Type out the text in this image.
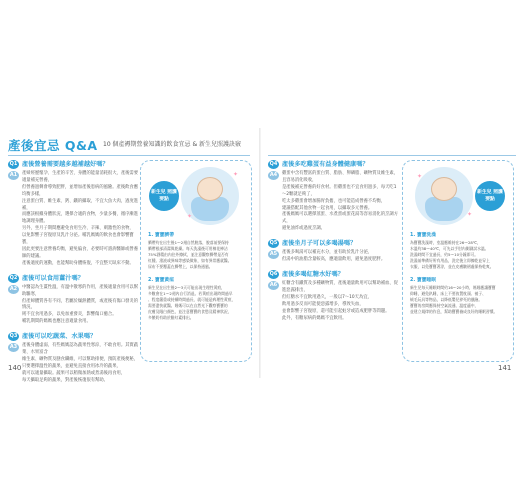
產後宜忌 Q&A 10 個產褥期營養知識的飲食宜忌 & 新生兒照護訣竅
Q1 產後營養需要越多越補越好嗎？
A1	產婦經歷懷孕、生產的辛苦，身體的能量消耗很大，產後需要適量補充營養，
但營養過剩會導致肥胖，並增加產後患病的風險。產後飲食應均衡多樣，
注意蛋白質、維生素、鈣、鐵的攝取，不宜大魚大肉，過度進補，
而應該根據身體狀況，選擇合適的食物，少量多餐，循序漸進地調理身體。
另外，坐月子期間應避免食用生冷、辛辣、刺激性的食物，
以免影響子宮復原及乳汁分泌。哺乳媽媽的飲食也會影響寶寶，
因此更要注意營養均衡，避免偏食，必要時可諮詢醫師或營養師的建議。
產後適度的運動，也能幫助身體恢復，不宜整天臥床不動。
Q2 產後可以食用薑汁嗎？
A2	中醫認為生薑性溫，有溫中散寒的作用，產後適量食用可以幫助驅寒，
但產婦體質各有不同，若屬於燥熱體質，或產後有傷口發炎的情況，
則不宜食用過多，以免加重發炎，影響傷口癒合。
哺乳期間的媽媽也應注意適量食用。
Q3 產後可以吃蔬菜、水果嗎？
A3	產後身體虛弱，有些媽媽認為蔬果性寒涼，不敢食用。其實蔬菜、水果富含
維生素、礦物質及膳食纖維，可以幫助排便，預防產後便秘，
只要選擇溫性的蔬果，並避免直接食用冰冷的蔬果，
就可以適量攝取。蔬果可以稍微加熱或煮湯後再食用，
每天攝取足夠的蔬果，對產後恢復很有幫助。
✦
✦
新生兒 照護要點
1. 寶寶臍帶
臍帶約在出生後1～2週自然脫落，脫落前要保持
臍帶根部清潔與乾燥。每天洗澡後可用棉花棒沾
75%酒精由內往外擦拭，並注意觀察臍帶是否有
紅腫、滲液或異味等感染徵象，如有異常應就醫。
尿布不要覆蓋在臍帶上，以保持通風。
2. 寶寶黃疸
新生兒在出生後2～3天可能出現生理性黃疸，
多數會在1～2週內自行消退。若黃疸出現時間過早
、程度嚴重或持續時間過長，就可能是病理性黃疸，
需要盡快就醫。媽媽可以在自然光下觀察寶寶的
皮膚及眼白顏色，並注意寶寶的食慾及精神狀況，
多餵奶有助於膽紅素排出。
Q4 產後多吃雞蛋有益身體健康嗎？
A4	雞蛋中含有豐富的蛋白質、脂肪、卵磷脂、礦物質及維生素，且容易消化吸收，
是產後補充營養的好食材。但雞蛋也不宜食用過多，每天吃1～2顆就足夠了，
吃太多雞蛋會增加腸胃負擔，也可能造成營養不均衡，
建議搭配其他食物一起食用，以攝取多元營養。
產後媽媽可以選擇蒸蛋、水煮蛋或蛋花湯等容易消化的烹調方式，
避免油炸或過度烹調。
Q5 產後坐月子可以多喝湯嗎？
A5	產後多喝湯可以補充水分，並有助於乳汁分泌，
但湯中的油脂含量較高，應適量飲用，避免過度肥胖。
Q6 產後多喝紅糖水好嗎？
A6	紅糖含有鐵質及多種礦物質，產後適量飲用可以幫助補血、促進惡露排出，
但紅糖水不宜飲用過久，一般以7～10天為宜，
飲用過多反而可能使惡露增多，導致失血，
並會影響子宮復原，還可能引起蛀牙或造成肥胖等問題。
此外，有糖尿病的媽媽不宜飲用。
✦
✦
新生兒 照護要點
1. 寶寶洗澡
為寶寶洗澡時，室溫應維持在26～28℃，
水溫約38～40℃，可先以手肘內側測試水溫。
洗澡時間不宜過長，約5～10分鐘即可。
洗澡前準備好所有用品，洗完後立即擦乾並穿上
衣服，以免寶寶著涼，並在皮膚皺褶處保持乾爽。
2. 寶寶睡眠
新生兒每天睡眠時間約16～20小時，媽媽應讓寶寶
仰睡，避免趴睡，床上不要放置枕頭、被子、
絨毛玩具等物品，以降低嬰兒猝死的風險。
寶寶的房間應保持空氣流通、溫度適中，
並建立規律的作息，幫助寶寶養成良好的睡眠習慣。
140	141
